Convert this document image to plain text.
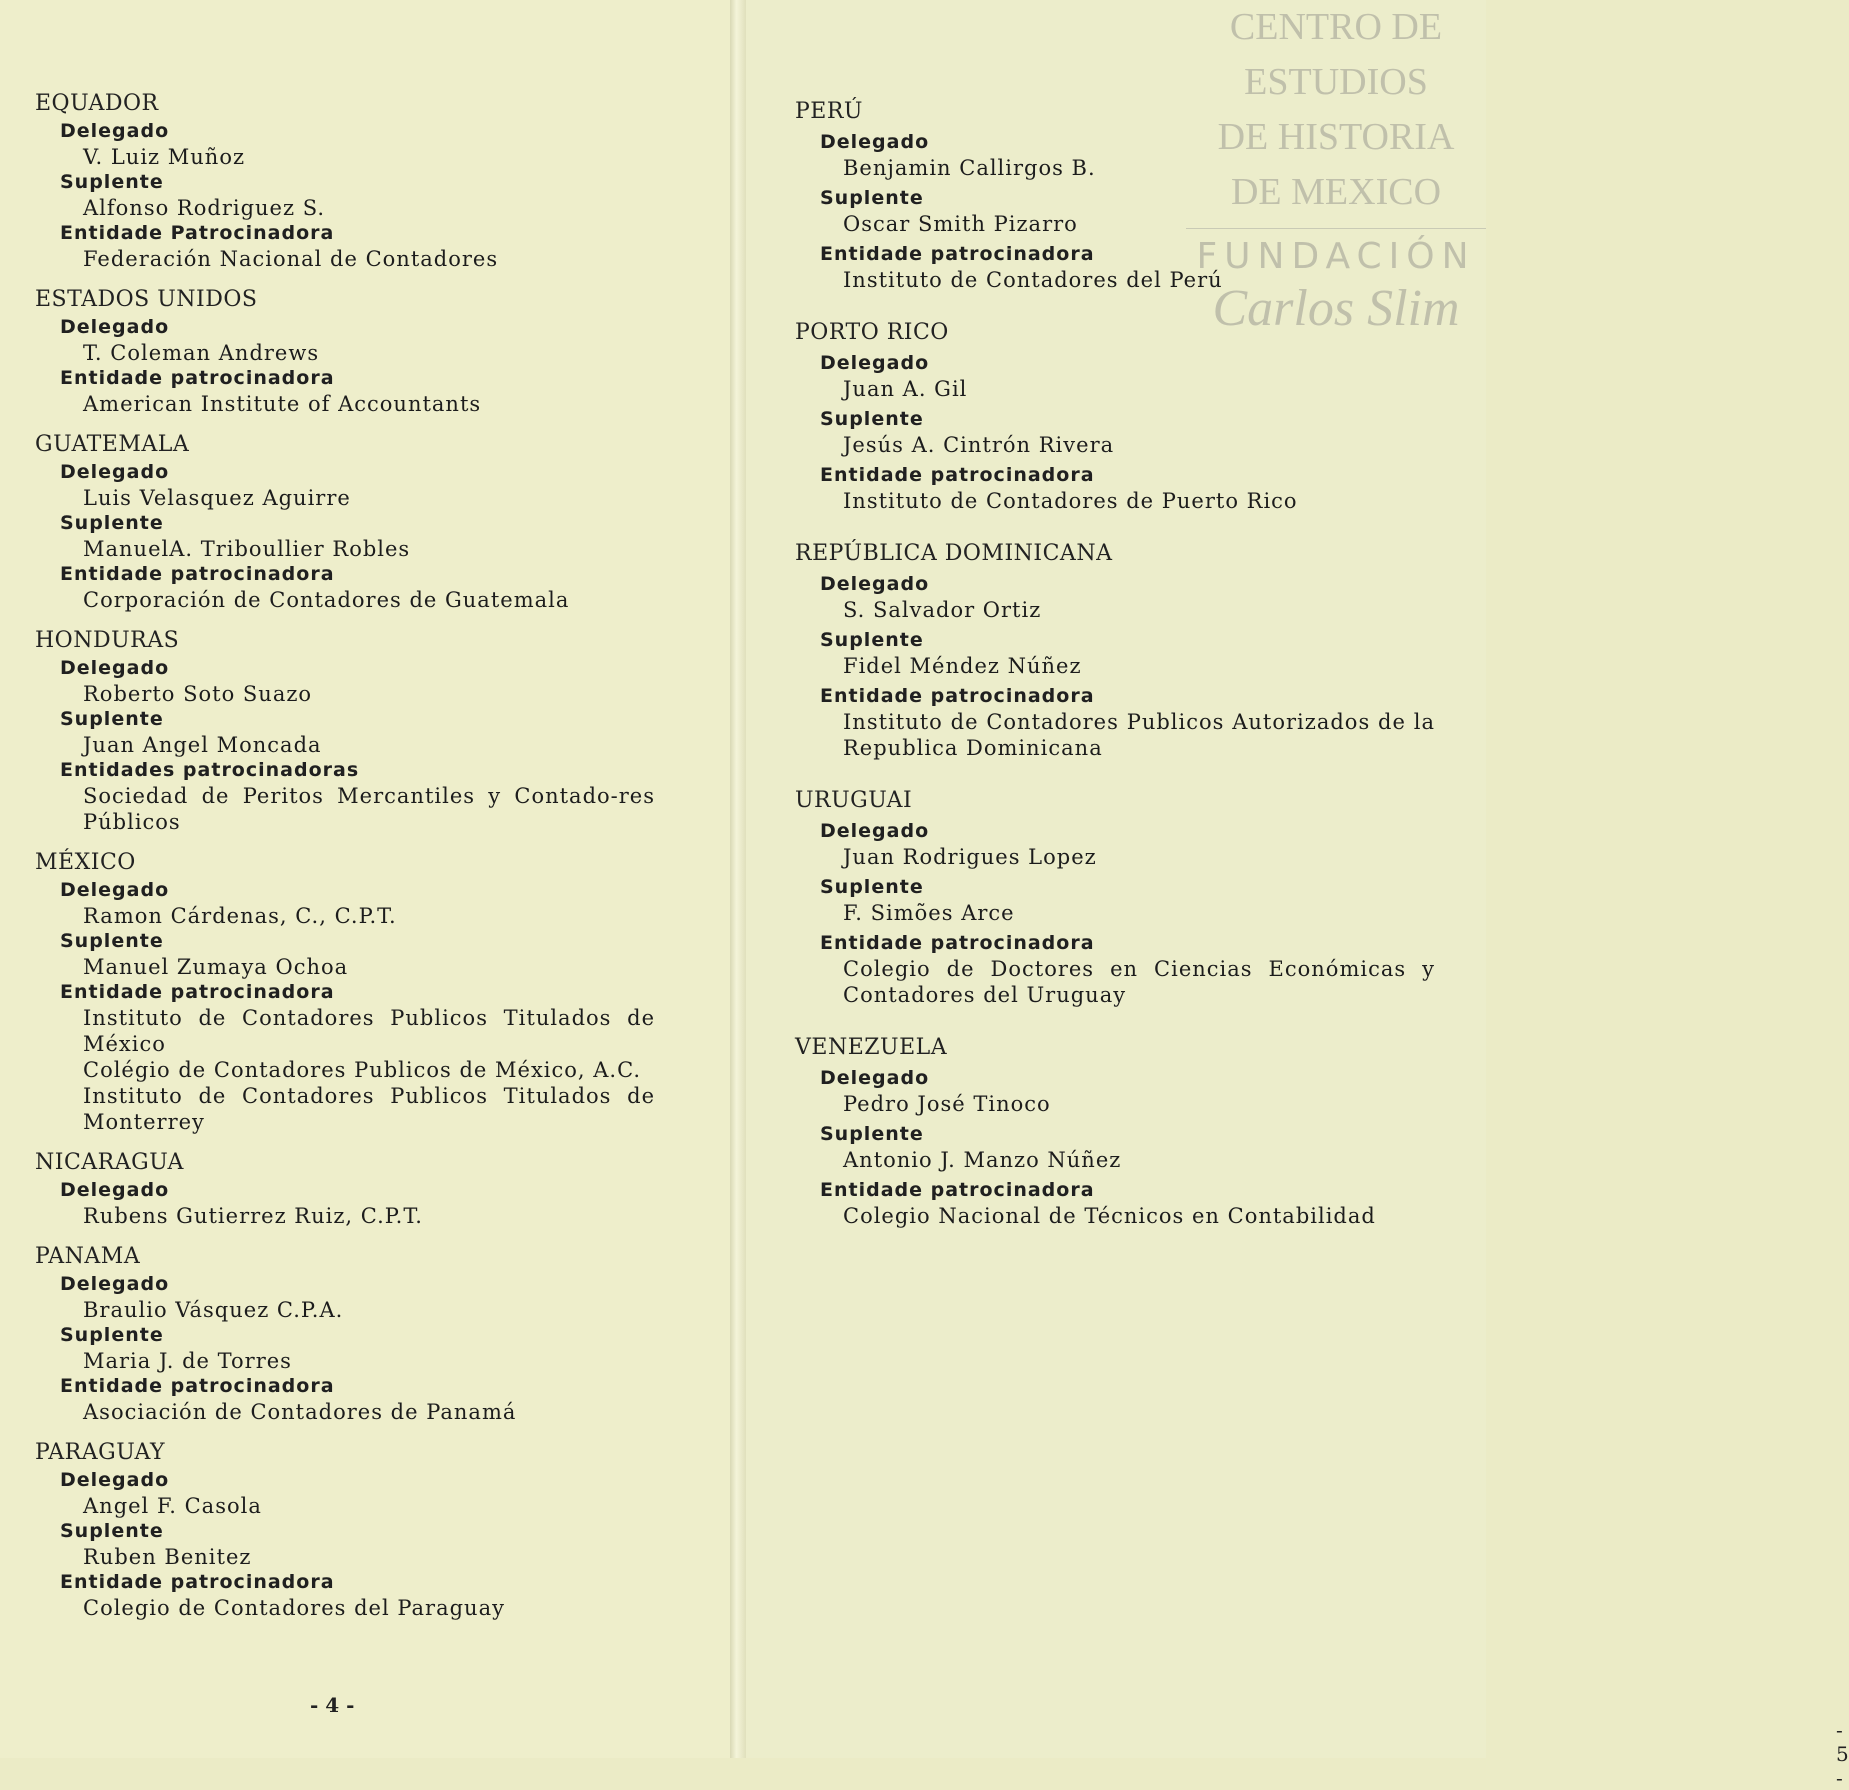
EQUADOR
Delegado
V. Luiz Muñoz
Suplente
Alfonso Rodriguez S.
Entidade Patrocinadora
Federación Nacional de Contadores
ESTADOS UNIDOS
Delegado
T. Coleman Andrews
Entidade patrocinadora
American Institute of Accountants
GUATEMALA
Delegado
Luis Velasquez Aguirre
Suplente
ManuelA. Triboullier Robles
Entidade patrocinadora
Corporación de Contadores de Guatemala
HONDURAS
Delegado
Roberto Soto Suazo
Suplente
Juan Angel Moncada
Entidades patrocinadoras
Sociedad de Peritos Mercantiles y Contado-res Públicos
MÉXICO
Delegado
Ramon Cárdenas, C., C.P.T.
Suplente
Manuel Zumaya Ochoa
Entidade patrocinadora
Instituto de Contadores Publicos Titulados de México
Colégio de Contadores Publicos de México, A.C.
Instituto de Contadores Publicos Titulados de Monterrey
NICARAGUA
Delegado
Rubens Gutierrez Ruiz, C.P.T.
PANAMA
Delegado
Braulio Vásquez C.P.A.
Suplente
Maria J. de Torres
Entidade patrocinadora
Asociación de Contadores de Panamá
PARAGUAY
Delegado
Angel F. Casola
Suplente
Ruben Benitez
Entidade patrocinadora
Colegio de Contadores del Paraguay
- 4 -
- 5 -
PERÚ
Delegado
Benjamin Callirgos B.
Suplente
Oscar Smith Pizarro
Entidade patrocinadora
Instituto de Contadores del Perú
PORTO RICO
Delegado
Juan A. Gil
Suplente
Jesús A. Cintrón Rivera
Entidade patrocinadora
Instituto de Contadores de Puerto Rico
REPÚBLICA DOMINICANA
Delegado
S. Salvador Ortiz
Suplente
Fidel Méndez Núñez
Entidade patrocinadora
Instituto de Contadores Publicos Autorizados de la Republica Dominicana
URUGUAI
Delegado
Juan Rodrigues Lopez
Suplente
F. Simões Arce
Entidade patrocinadora
Colegio de Doctores en Ciencias Económicas y Contadores del Uruguay
VENEZUELA
Delegado
Pedro José Tinoco
Suplente
Antonio J. Manzo Núñez
Entidade patrocinadora
Colegio Nacional de Técnicos en Contabilidad
CENTRO DE
ESTUDIOS
DE HISTORIA
DE MEXICO
FUNDACIÓN
Carlos Slim
